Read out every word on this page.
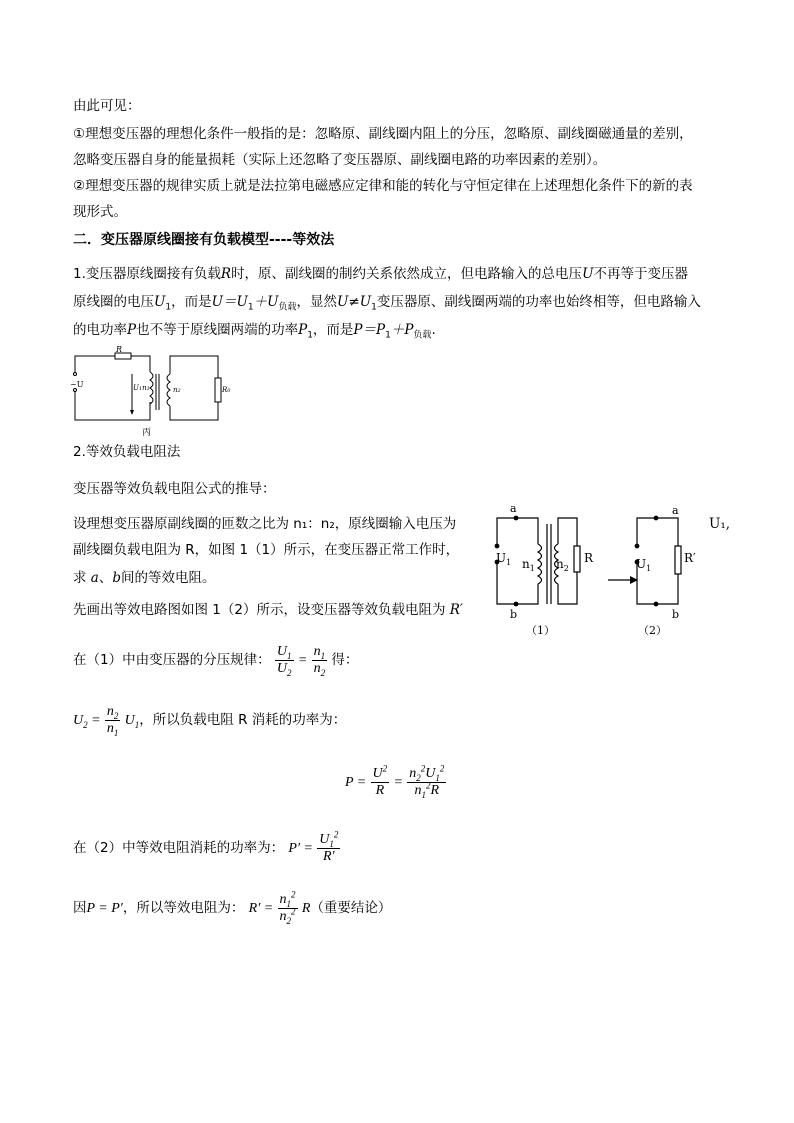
由此可见：
①理想变压器的理想化条件一般指的是：忽略原、副线圈内阻上的分压，忽略原、副线圈磁通量的差别，
忽略变压器自身的能量损耗（实际上还忽略了变压器原、副线圈电路的功率因素的差别）。
②理想变压器的规律实质上就是法拉第电磁感应定律和能的转化与守恒定律在上述理想化条件下的新的表
现形式。
二．变压器原线圈接有负载模型----等效法
1.变压器原线圈接有负载R时，原、副线圈的制约关系依然成立，但电路输入的总电压U不再等于变压器
原线圈的电压$U_1$，而是$U=U_1+U_{负载}$，显然$U\ne U_1$变压器原、副线圈两端的功率也始终相等，但电路输入
的电功率P也不等于原线圈两端的功率$P_1$，而是$P=P_1+P_{负载}$.
R
~U	U1n1	n2	R0
丙
2.等效负载电阻法
变压器等效负载电阻公式的推导：
设理想变压器原副线圈的匝数之比为 n₁：n₂，原线圈输入电压为	U₁,
副线圈负载电阻为 R，如图 1（1）所示，在变压器正常工作时，
求 a、b间的等效电阻。
先画出等效电路图如图 1（2）所示，设变压器等效负载电阻为 R′
a
b
$U_1$ $n_1$ $n_2$
R
（1）
a
b
$U_1$
R′
（2）
在（1）中由变压器的分压规律： $\frac{U_1}{U_2} = \frac{n_1}{n_2}$ 得：
$U_2 = \frac{n_2}{n_1} U_1$，所以负载电阻 R 消耗的功率为：
$P = \frac{U^2}{R} = \frac{n_2^2U_1^2}{n_1^2R}$
在（2）中等效电阻消耗的功率为： $P' = \frac{U_1^2}{R'}$
因P = P′，所以等效电阻为： $R' = \frac{n_1^2}{n_2^2} R$（重要结论）
